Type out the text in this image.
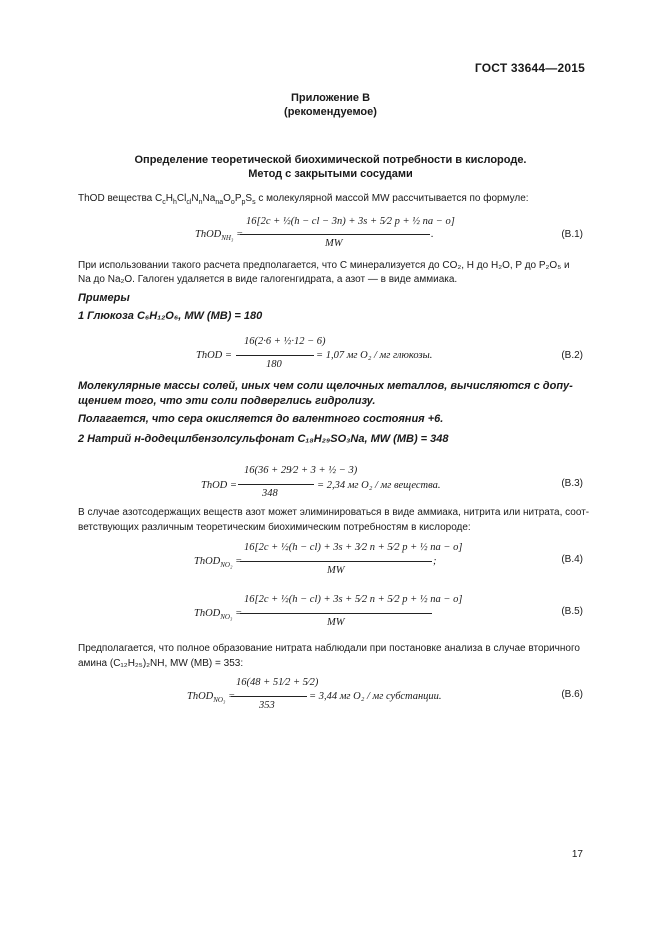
ГОСТ 33644—2015
Приложение В
(рекомендуемое)
Определение теоретической биохимической потребности в кислороде.
Метод с закрытыми сосудами
ThOD вещества $C_cH_hCl_{cl}N_nNa_{na}O_oP_pS_s$ с молекулярной массой MW рассчитывается по формуле:
ThOD$_{NH_3}$ =
16[2c + ½(h − cl − 3n) + 3s + 5⁄2 p + ½ na − o]
MW
.	(В.1)
При использовании такого расчета предполагается, что C минерализуется до CO₂, H до H₂O, P до P₂O₅ и
Na до Na₂O. Галоген удаляется в виде галогенгидрата, а азот — в виде аммиака.
Примеры
1 Глюкоза C₆H₁₂O₆, MW (MB) = 180
ThOD =
16(2·6 + ½·12 − 6)
180
= 1,07 мг O₂ / мг глюкозы.	(В.2)
Молекулярные массы солей, иных чем соли щелочных металлов, вычисляются с допу-
щением того, что эти соли подверглись гидролизу.
Полагается, что сера окисляется до валентного состояния +6.
2 Натрий н-додецилбензолсульфонат C₁₈H₂₉SO₃Na, MW (MB) = 348
ThOD =
16(36 + 29⁄2 + 3 + ½ − 3)
348
= 2,34 мг O₂ / мг вещества.	(В.3)
В случае азотсодержащих веществ азот может элиминироваться в виде аммиака, нитрита или нитрата, соот-
ветствующих различным теоретическим биохимическим потребностям в кислороде:
ThOD$_{NO_2}$ =
16[2c + ½(h − cl) + 3s + 3⁄2 n + 5⁄2 p + ½ na − o]
MW
;	(В.4)
ThOD$_{NO_3}$ =
16[2c + ½(h − cl) + 3s + 5⁄2 n + 5⁄2 p + ½ na − o]
MW
(В.5)
Предполагается, что полное образование нитрата наблюдали при постановке анализа в случае вторичного
амина (C₁₂H₂₅)₂NH, MW (MB) = 353:
ThOD$_{NO_3}$ =
16(48 + 51⁄2 + 5⁄2)
353
= 3,44 мг O₂ / мг субстанции.	(В.6)
17
